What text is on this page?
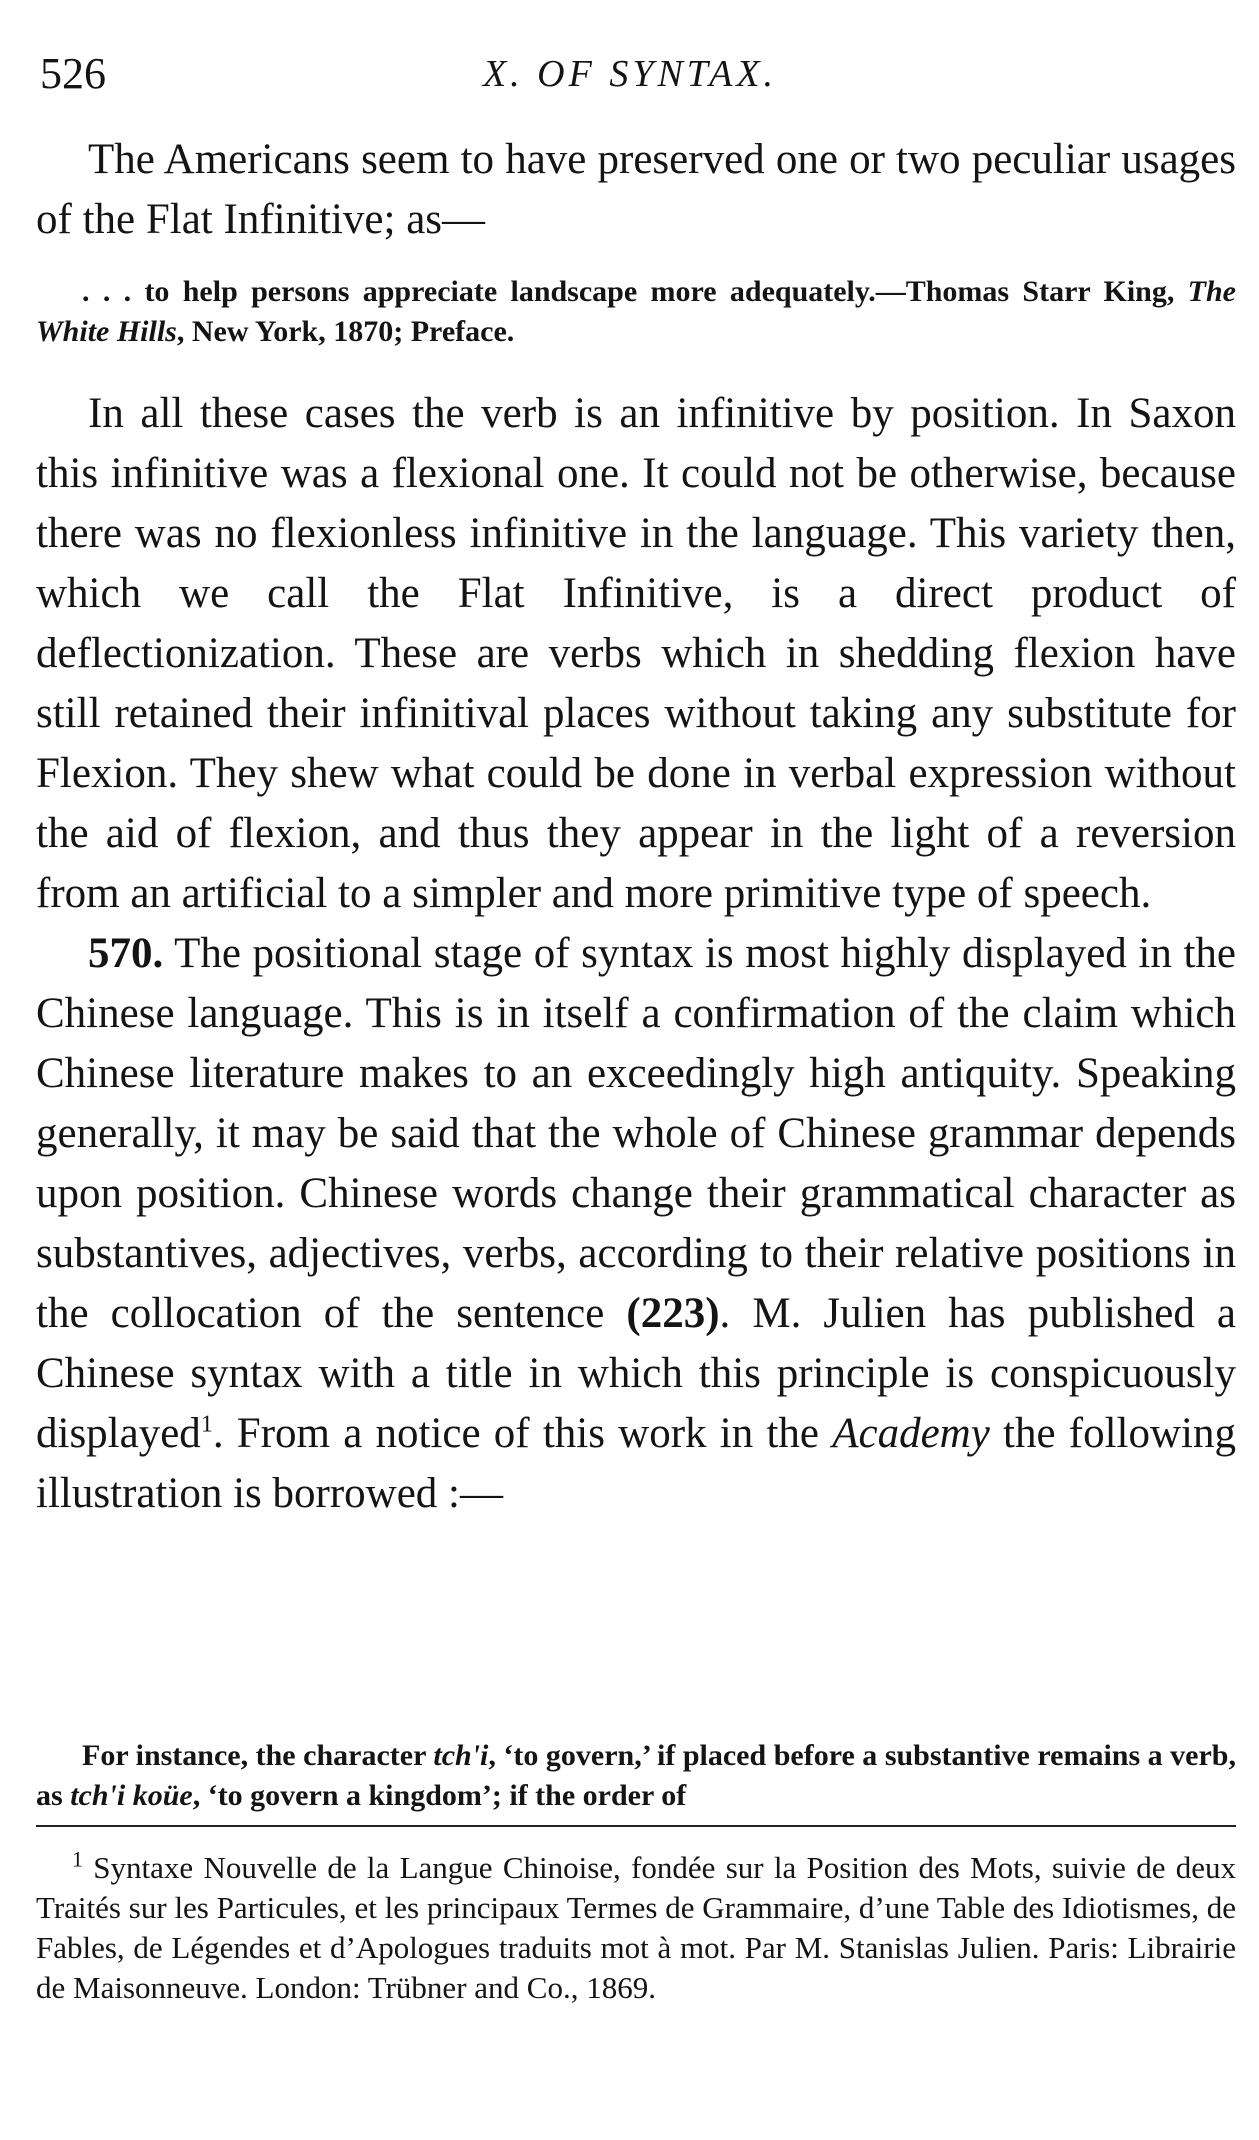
526	X. OF SYNTAX.

The Americans seem to have preserved one or two peculiar usages of the Flat Infinitive; as—

. . . to help persons appreciate landscape more adequately.—Thomas Starr King, The White Hills, New York, 1870; Preface.

In all these cases the verb is an infinitive by position. In Saxon this infinitive was a flexional one. It could not be otherwise, because there was no flexionless infinitive in the language. This variety then, which we call the Flat Infinitive, is a direct product of deflectionization. These are verbs which in shedding flexion have still retained their infinitival places without taking any substitute for Flexion. They shew what could be done in verbal expression without the aid of flexion, and thus they appear in the light of a reversion from an artificial to a simpler and more primitive type of speech.

570. The positional stage of syntax is most highly displayed in the Chinese language. This is in itself a confirmation of the claim which Chinese literature makes to an exceedingly high antiquity. Speaking generally, it may be said that the whole of Chinese grammar depends upon position. Chinese words change their grammatical character as substantives, adjectives, verbs, according to their relative positions in the collocation of the sentence (223). M. Julien has published a Chinese syntax with a title in which this principle is conspicuously displayed$^1$. From a notice of this work in the Academy the following illustration is borrowed :—

For instance, the character tch'i, ‘to govern,’ if placed before a substantive remains a verb, as tch'i koüe, ‘to govern a kingdom’; if the order of

$^1$ Syntaxe Nouvelle de la Langue Chinoise, fondée sur la Position des Mots, suivie de deux Traités sur les Particules, et les principaux Termes de Grammaire, d’une Table des Idiotismes, de Fables, de Légendes et d’Apologues traduits mot à mot. Par M. Stanislas Julien. Paris: Librairie de Maisonneuve. London: Trübner and Co., 1869.
